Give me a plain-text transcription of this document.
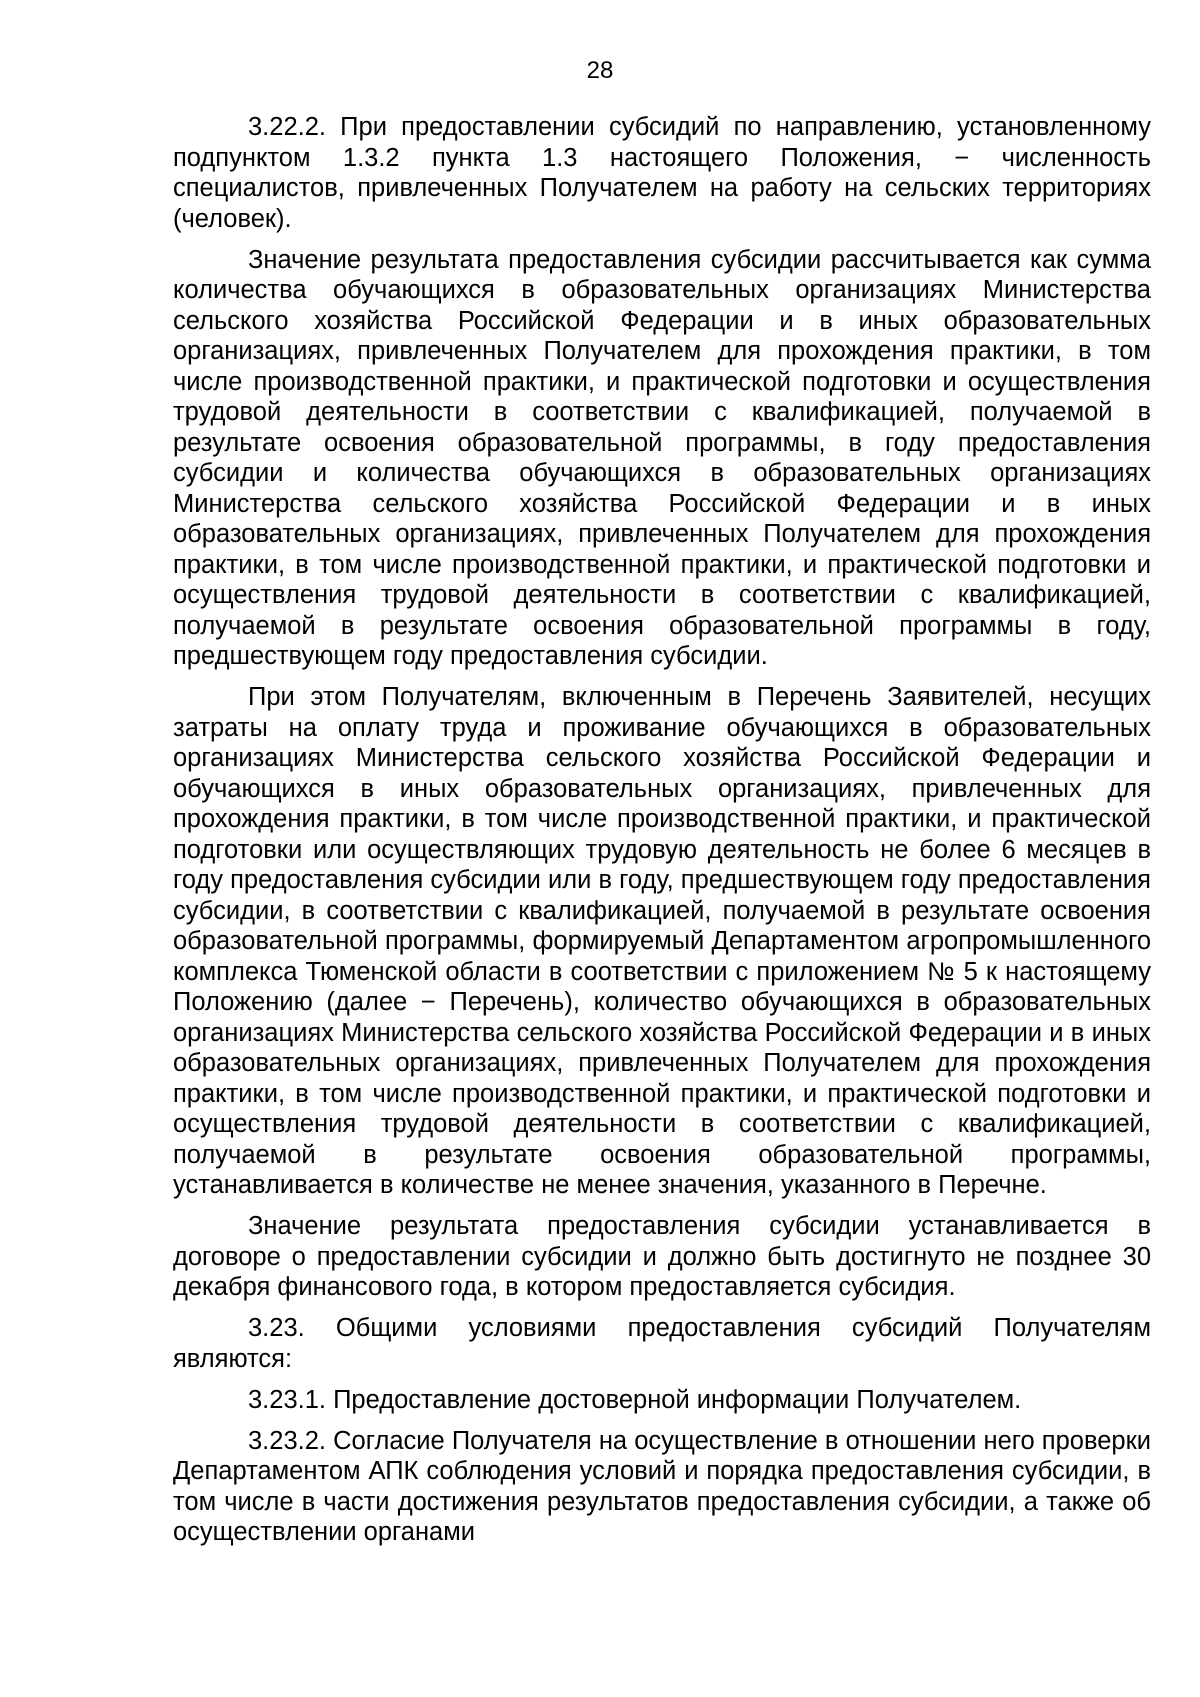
28

3.22.2. При предоставлении субсидий по направлению, установленному подпунктом 1.3.2 пункта 1.3 настоящего Положения, − численность специалистов, привлеченных Получателем на работу на сельских территориях (человек).

Значение результата предоставления субсидии рассчитывается как сумма количества обучающихся в образовательных организациях Министерства сельского хозяйства Российской Федерации и в иных образовательных организациях, привлеченных Получателем для прохождения практики, в том числе производственной практики, и практической подготовки и осуществления трудовой деятельности в соответствии с квалификацией, получаемой в результате освоения образовательной программы, в году предоставления субсидии и количества обучающихся в образовательных организациях Министерства сельского хозяйства Российской Федерации и в иных образовательных организациях, привлеченных Получателем для прохождения практики, в том числе производственной практики, и практической подготовки и осуществления трудовой деятельности в соответствии с квалификацией, получаемой в результате освоения образовательной программы в году, предшествующем году предоставления субсидии.

При этом Получателям, включенным в Перечень Заявителей, несущих затраты на оплату труда и проживание обучающихся в образовательных организациях Министерства сельского хозяйства Российской Федерации и обучающихся в иных образовательных организациях, привлеченных для прохождения практики, в том числе производственной практики, и практической подготовки или осуществляющих трудовую деятельность не более 6 месяцев в году предоставления субсидии или в году, предшествующем году предоставления субсидии, в соответствии с квалификацией, получаемой в результате освоения образовательной программы, формируемый Департаментом агропромышленного комплекса Тюменской области в соответствии с приложением № 5 к настоящему Положению (далее − Перечень), количество обучающихся в образовательных организациях Министерства сельского хозяйства Российской Федерации и в иных образовательных организациях, привлеченных Получателем для прохождения практики, в том числе производственной практики, и практической подготовки и осуществления трудовой деятельности в соответствии с квалификацией, получаемой в результате освоения образовательной программы, устанавливается в количестве не менее значения, указанного в Перечне.

Значение результата предоставления субсидии устанавливается в договоре о предоставлении субсидии и должно быть достигнуто не позднее 30 декабря финансового года, в котором предоставляется субсидия.

3.23. Общими условиями предоставления субсидий Получателям являются:

3.23.1. Предоставление достоверной информации Получателем.

3.23.2. Согласие Получателя на осуществление в отношении него проверки Департаментом АПК соблюдения условий и порядка предоставления субсидии, в том числе в части достижения результатов предоставления субсидии, а также об осуществлении органами
